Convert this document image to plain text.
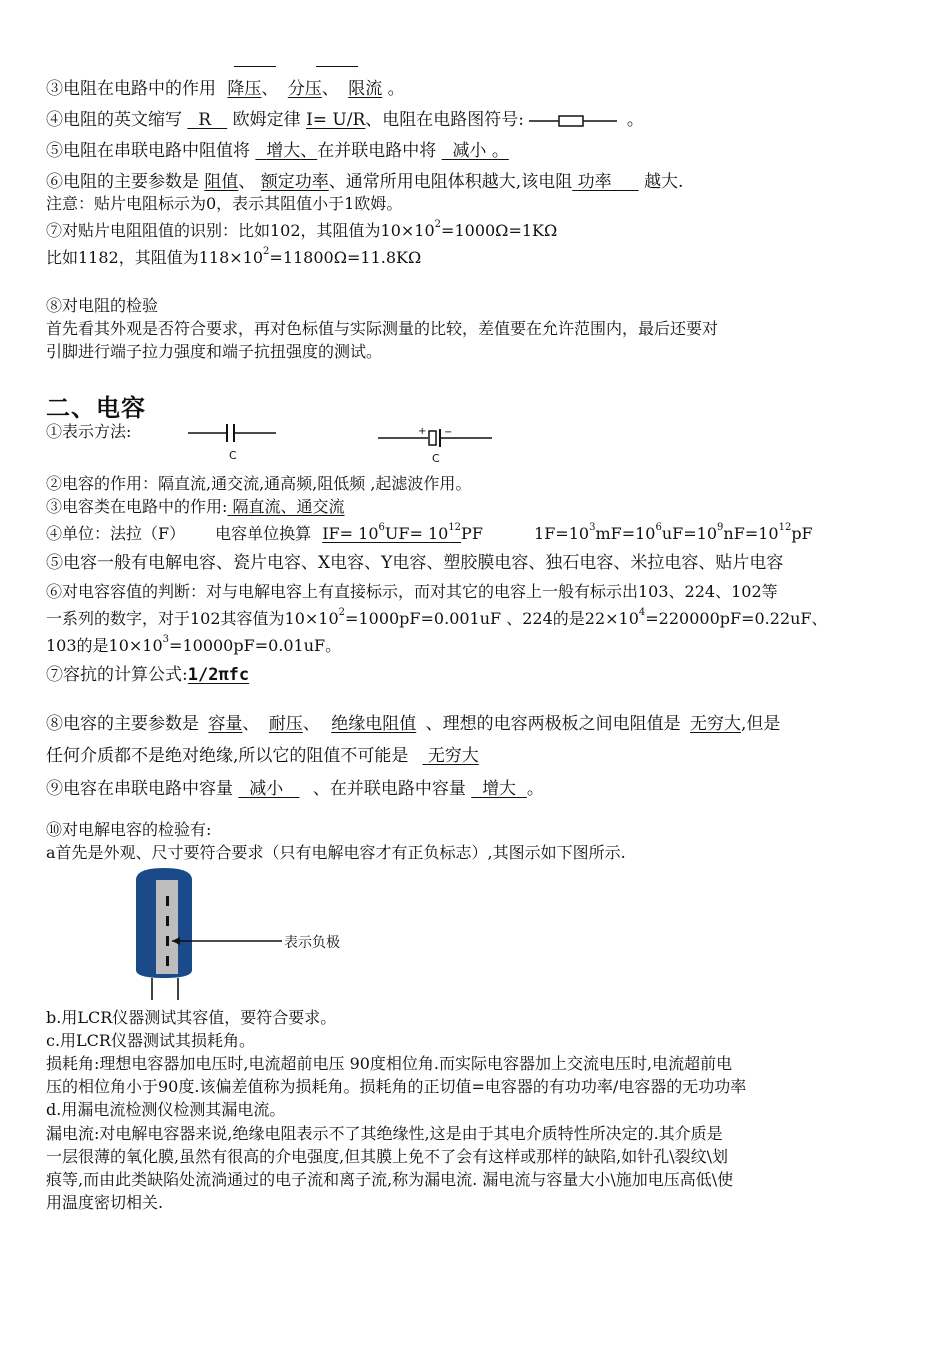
③电阻在电路中的作用 降压、 分压、 限流 。
④电阻的英文缩写 R 欧姆定律 I= U/R、电阻在电路图符号:	。
⑤电阻在串联电路中阻值将 增大、在并联电路中将 减小 。
⑥电阻的主要参数是 阻值、 额定功率、通常所用电阻体积越大,该电阻 功率 越大.
注意：贴片电阻标示为0，表示其阻值小于1欧姆。
⑦对贴片电阻阻值的识别：比如102，其阻值为$10\times 10^2=1000\Omega=1K\Omega$
比如1182，其阻值为$118\times 10^2=11800\Omega=11.8K\Omega$
⑧对电阻的检验
首先看其外观是否符合要求，再对色标值与实际测量的比较，差值要在允许范围内，最后还要对
引脚进行端子拉力强度和端子抗扭强度的测试。
二、电容
①表示方法:
C
+ −
C
②电容的作用：隔直流,通交流,通高频,阻低频 ,起滤波作用。
③电容类在电路中的作用: 隔直流、通交流
④单位：法拉（F） 电容单位换算 $IF= 10^6UF= 10^{12}PF$	$1F=10^3mF=10^6uF=10^9nF=10^{12}pF$
⑤电容一般有电解电容、瓷片电容、X电容、Y电容、塑胶膜电容、独石电容、米拉电容、贴片电容
⑥对电容容值的判断：对与电解电容上有直接标示，而对其它的电容上一般有标示出103、224、102等
一系列的数字，对于102其容值为$10\times 10^2=1000pF=0.001uF$ 、224的是$22\times 10^4=220000pF=0.22uF$、
103的是$10\times 10^3=10000pF=0.01uF$。
⑦容抗的计算公式:1/2πfc
⑧电容的主要参数是 容量、 耐压、 绝缘电阻值 、理想的电容两极板之间电阻值是 无穷大,但是
任何介质都不是绝对绝缘,所以它的阻值不可能是 无穷大
⑨电容在串联电路中容量 减小 、在并联电路中容量 增大 。
⑩对电解电容的检验有:
a首先是外观、尺寸要符合要求（只有电解电容才有正负标志）,其图示如下图所示.
表示负极
b.用LCR仪器测试其容值，要符合要求。
c.用LCR仪器测试其损耗角。
损耗角:理想电容器加电压时,电流超前电压 90度相位角.而实际电容器加上交流电压时,电流超前电
压的相位角小于90度.该偏差值称为损耗角。损耗角的正切值=电容器的有功功率/电容器的无功功率
d.用漏电流检测仪检测其漏电流。
漏电流:对电解电容器来说,绝缘电阻表示不了其绝缘性,这是由于其电介质特性所决定的.其介质是
一层很薄的氧化膜,虽然有很高的介电强度,但其膜上免不了会有这样或那样的缺陷,如针孔\裂纹\划
痕等,而由此类缺陷处流淌通过的电子流和离子流,称为漏电流. 漏电流与容量大小\施加电压高低\使
用温度密切相关.
